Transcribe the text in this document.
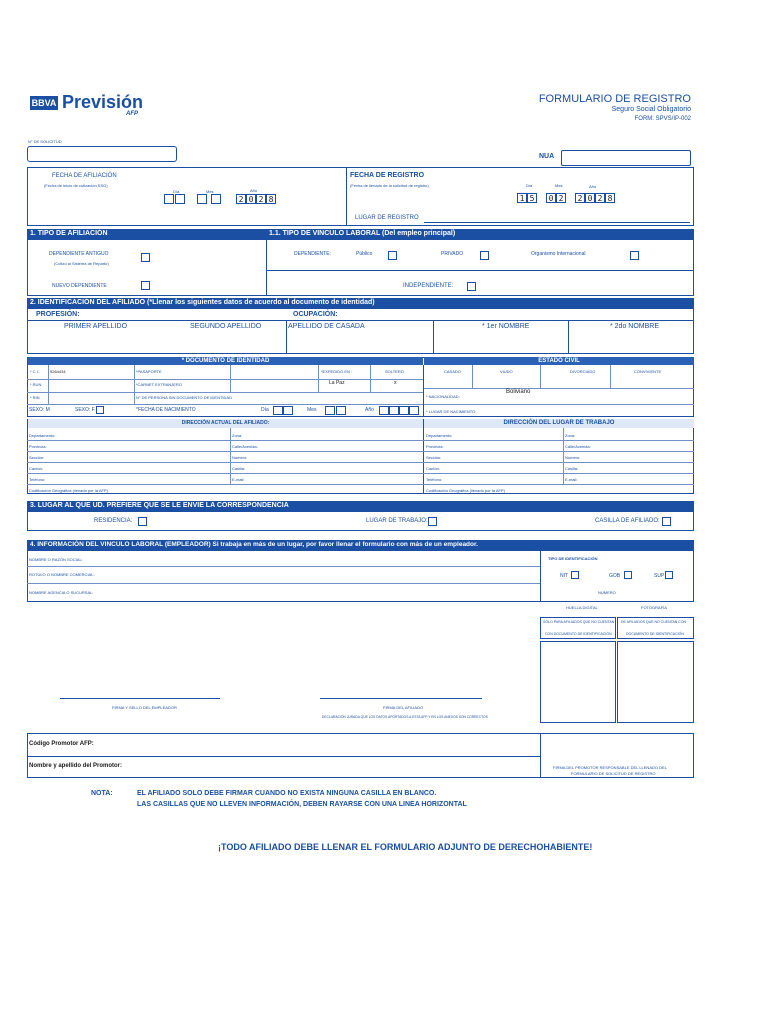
BBVA Previsión
AFP
FORMULARIO DE REGISTRO
Seguro Social Obligatorio
FORM: SPVS/IP-002
N° DE SOLICITUD
NUA
FECHA DE AFILIACIÓN
(Fecha de inicio de cotización SSO)
Día	Mes	Año
2 0 2 8
FECHA DE REGISTRO
(Fecha de llenado de la solicitud de registro)	Día	Mes	Año
1 5	0 2	2 0 2 8
LUGAR DE REGISTRO
1. TIPO DE AFILIACIÓN	1.1. TIPO DE VINCULO LABORAL (Del empleo principal)
DEPENDIENTE ANTIGUO
(Cotizó al Sistema de Reparto)
NUEVO DEPENDIENTE
DEPENDIENTE:	Público	PRIVADO	Organismo Internacional
INDEPENDIENTE:
2. IDENTIFICACIÓN DEL AFILIADO (*Llenar los siguientes datos de acuerdo al documento de identidad)
PROFESIÓN:	OCUPACIÓN:
PRIMER APELLIDO	SEGUNDO APELLIDO	APELLIDO DE CASADA	* 1er NOMBRE	* 2do NOMBRE
* DOCUMENTO DE IDENTIDAD	ESTADO CIVIL
* C.I.	9264434	*PASAPORTE	*EXPEDIDO EN :
La Paz
SOLTERO
x
CASADO	VIUDO	DIVORCIADO	CONVIVIENTE
* RUN	*CARNET EXTRANJERO
* NACIONALIDAD:
Boliviano
* RIN	N° DE PERSONA SIN DOCUMENTO DE IDENTIDAD
SEXO: M	SEXO: F	*FECHA DE NACIMIENTO	Día	Mes	Año	* LUGAR DE NACIMIENTO:
DIRECCIÓN ACTUAL DEL AFILIADO:	DIRECCIÓN DEL LUGAR DE TRABAJO
Departamento:	Zona:
Provincia:	Calle/Avenida:
Sección:	Número:
Cantón:	Casilla:
Teléfono:	E-mail:
Codificación Geográfica (llenado por la AFP)
Departamento:	Zona:
Provincia:	Calle/Avenida:
Sección:	Número:
Cantón:	Casilla:
Teléfono:	E-mail:
Codificación Geográfica (llenado por la AFP)
3. LUGAR AL QUE UD. PREFIERE QUE SE LE ENVIE LA CORRESPONDENCIA
RESIDENCIA:	LUGAR DE TRABAJO:	CASILLA DE AFILIADO:
4. INFORMACIÓN DEL VINCULO LABORAL (EMPLEADOR) Si trabaja en más de un lugar, por favor llenar el formulario con más de un empleador.
NOMBRE O RAZÓN SOCIAL:
ROTULO O NOMBRE COMERCIAL:
NOMBRE AGENCIA O SUCURSAL:
TIPO DE IDENTIFICACIÓN
NIT	GOB	SUP
NÚMERO
HUELLA DIGITAL	FOTOGRAFÍA
SÓLO PARA AFILIADOS QUE NO CUENTAN
CON DOCUMENTO DE IDENTIFICACIÓN
DE AFILIADOS QUE NO CUENTAN CON
DOCUMENTO DE IDENTIFICACIÓN
FIRMA Y SELLO DEL EMPLEADOR	FIRMA DEL AFILIADO
DECLARACIÓN JURADA QUE LOS DATOS APORTADOS A ESTA AFP Y EN LOS ANEXOS SON CORRECTOS
Código Promotor AFP:
Nombre y apellido del Promotor:	FIRMA DEL PROMOTOR RESPONSABLE DEL LLENADO DEL
FORMULARIO DE SOLICITUD DE REGISTRO
NOTA:	EL AFILIADO SOLO DEBE FIRMAR CUANDO NO EXISTA NINGUNA CASILLA EN BLANCO.
LAS CASILLAS QUE NO LLEVEN INFORMACIÓN, DEBEN RAYARSE CON UNA LINEA HORIZONTAL
¡TODO AFILIADO DEBE LLENAR EL FORMULARIO ADJUNTO DE DERECHOHABIENTE!
